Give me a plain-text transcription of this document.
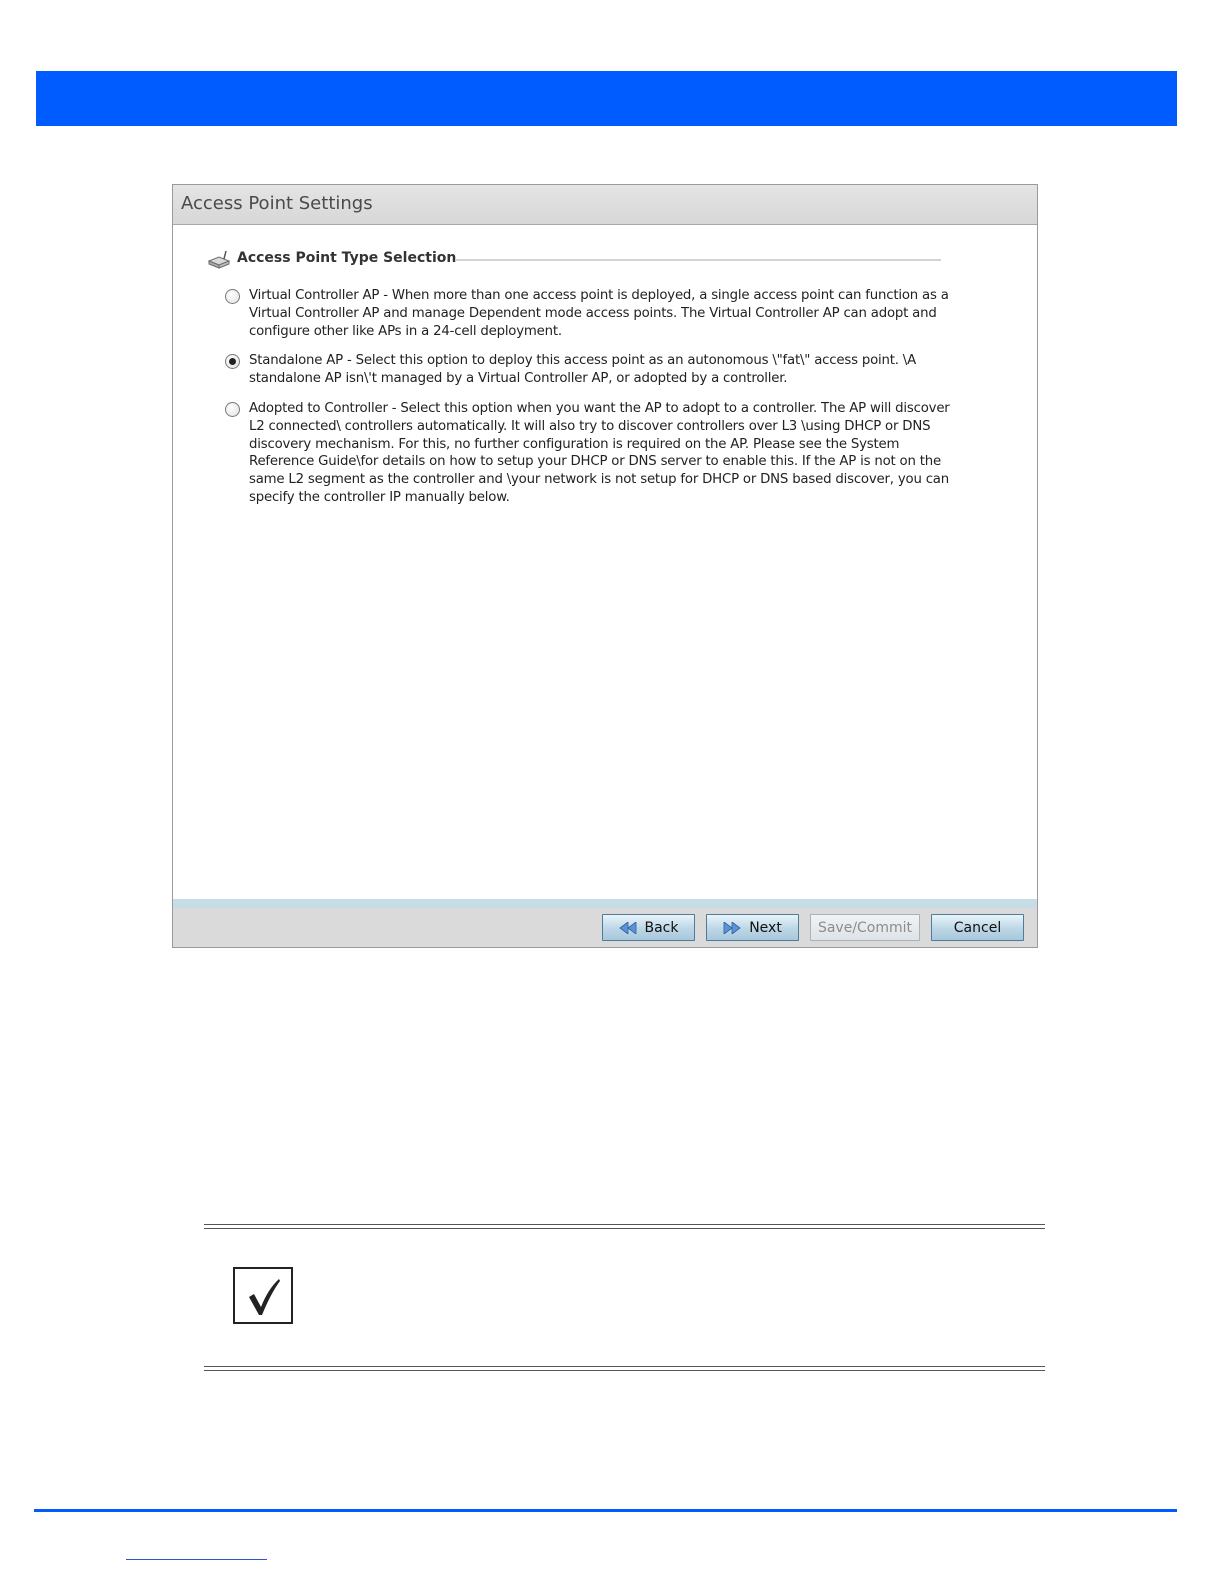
Access Point Settings
Access Point Type Selection
Virtual Controller AP - When more than one access point is deployed, a single access point can function as a Virtual Controller AP and manage Dependent mode access points. The Virtual Controller AP can adopt and configure other like APs in a 24-cell deployment.
Standalone AP - Select this option to deploy this access point as an autonomous \"fat\" access point. \A standalone AP isn\'t managed by a Virtual Controller AP, or adopted by a controller.
Adopted to Controller - Select this option when you want the AP to adopt to a controller. The AP will discover L2 connected\ controllers automatically. It will also try to discover controllers over L3 \using DHCP or DNS discovery mechanism. For this, no further configuration is required on the AP. Please see the System Reference Guide\for details on how to setup your DHCP or DNS server to enable this. If the AP is not on the same L2 segment as the controller and \your network is not setup for DHCP or DNS based discover, you can specify the controller IP manually below.
Back	Next	Save/Commit	Cancel
